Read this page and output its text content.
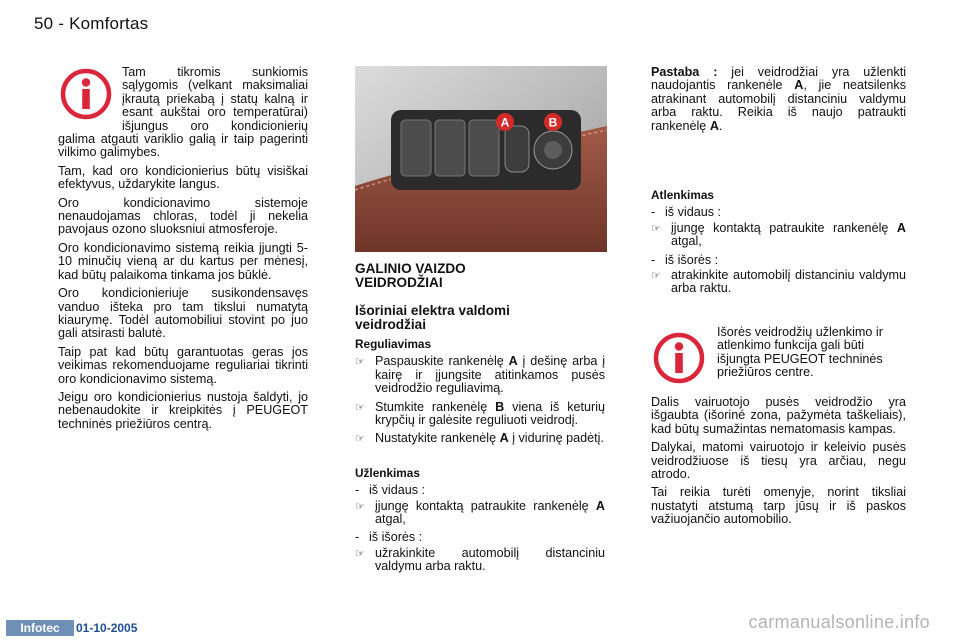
50 - Komfortas

Tam tikromis sunkiomis sąlygomis (velkant maksimaliai įkrautą priekabą į statų kalną ir esant aukštai oro temperatūrai) išjungus oro kondicionierių galima atgauti variklio galią ir taip pagerinti vilkimo galimybes.

Tam, kad oro kondicionierius būtų visiškai efektyvus, uždarykite langus.

Oro kondicionavimo sistemoje nenaudojamas chloras, todėl ji nekelia pavojaus ozono sluoksniui atmosferoje.

Oro kondicionavimo sistemą reikia įjungti 5-10 minučių vieną ar du kartus per mėnesį, kad būtų palaikoma tinkama jos būklė.

Oro kondicionieriuje susikondensavęs vanduo išteka pro tam tikslui numatytą kiaurymę. Todėl automobiliui stovint po juo gali atsirasti balutė.

Taip pat kad būtų garantuotas geras jos veikimas rekomenduojame reguliariai tikrinti oro kondicionavimo sistemą.

Jeigu oro kondicionierius nustoja šaldyti, jo nebenaudokite ir kreipkitės į PEUGEOT techninės priežiūros centrą.

A	B
GALINIO VAIZDO
VEIDRODŽIAI
Išoriniai elektra valdomi
veidrodžiai
Reguliavimas
☞ Paspauskite rankenėlę A į dešinę arba į kairę ir įjungsite atitinkamos pusės veidrodžio reguliavimą.
☞ Stumkite rankenėlę B viena iš keturių krypčių ir galėsite reguliuoti veidrodį.
☞ Nustatykite rankenėlę A į vidurinę padėtį.
Užlenkimas
- iš vidaus :
☞ įjungę kontaktą patraukite rankenėlę A atgal,
- iš išorės :
☞ užrakinkite automobilį distanciniu valdymu arba raktu.

Pastaba : jei veidrodžiai yra užlenkti naudojantis rankenėle A, jie neatsilenks atrakinant automobilį distanciniu valdymu arba raktu. Reikia iš naujo patraukti rankenėlę A.

Atlenkimas
- iš vidaus :
☞ įjungę kontaktą patraukite rankenėlę A atgal,
- iš išorės :
☞ atrakinkite automobilį distanciniu valdymu arba raktu.

Išorės veidrodžių užlenkimo ir atlenkimo funkcija gali būti išjungta PEUGEOT techninės priežiūros centre.

Dalis vairuotojo pusės veidrodžio yra išgaubta (išoriné zona, pažymėta taškeliais), kad būtų sumažintas nematomasis kampas.

Dalykai, matomi vairuotojo ir keleivio pusės veidrodžiuose iš tiesų yra arčiau, negu atrodo.

Tai reikia turėti omenyje, norint tiksliai nustatyti atstumą tarp jūsų ir iš paskos važiuojančio automobilio.

Infotec	01-10-2005	carmanualsonline.info
